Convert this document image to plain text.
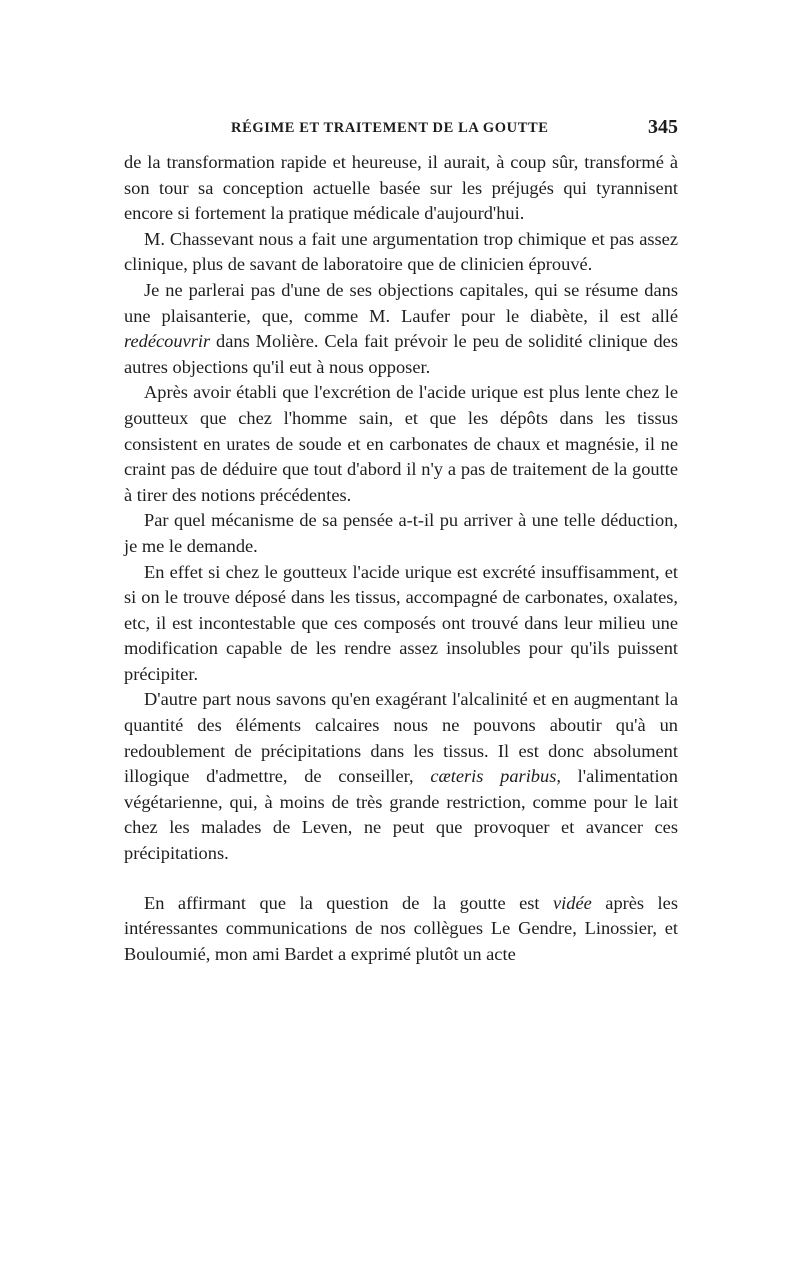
RÉGIME ET TRAITEMENT DE LA GOUTTE	345

de la transformation rapide et heureuse, il aurait, à coup sûr, transformé à son tour sa conception actuelle basée sur les préjugés qui tyrannisent encore si fortement la pratique médicale d'aujourd'hui.

M. Chassevant nous a fait une argumentation trop chimique et pas assez clinique, plus de savant de laboratoire que de clinicien éprouvé.

Je ne parlerai pas d'une de ses objections capitales, qui se résume dans une plaisanterie, que, comme M. Laufer pour le diabète, il est allé redécouvrir dans Molière. Cela fait prévoir le peu de solidité clinique des autres objections qu'il eut à nous opposer.

Après avoir établi que l'excrétion de l'acide urique est plus lente chez le goutteux que chez l'homme sain, et que les dépôts dans les tissus consistent en urates de soude et en carbonates de chaux et magnésie, il ne craint pas de déduire que tout d'abord il n'y a pas de traitement de la goutte à tirer des notions précédentes.

Par quel mécanisme de sa pensée a-t-il pu arriver à une telle déduction, je me le demande.

En effet si chez le goutteux l'acide urique est excrété insuffisamment, et si on le trouve déposé dans les tissus, accompagné de carbonates, oxalates, etc, il est incontestable que ces composés ont trouvé dans leur milieu une modification capable de les rendre assez insolubles pour qu'ils puissent précipiter.

D'autre part nous savons qu'en exagérant l'alcalinité et en augmentant la quantité des éléments calcaires nous ne pouvons aboutir qu'à un redoublement de précipitations dans les tissus. Il est donc absolument illogique d'admettre, de conseiller, cæteris paribus, l'alimentation végétarienne, qui, à moins de très grande restriction, comme pour le lait chez les malades de Leven, ne peut que provoquer et avancer ces précipitations.

En affirmant que la question de la goutte est vidée après les intéressantes communications de nos collègues Le Gendre, Linossier, et Bouloumié, mon ami Bardet a exprimé plutôt un acte
